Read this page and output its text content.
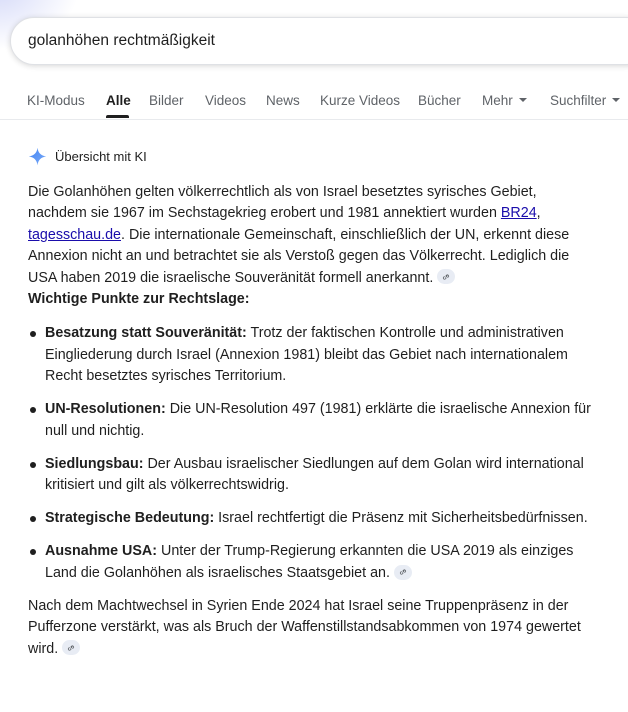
golanhöhen rechtmäßigkeit
KI-Modus Alle Bilder Videos News Kurze Videos Bücher Mehr	Suchfilter
Übersicht mit KI

Die Golanhöhen gelten völkerrechtlich als von Israel besetztes syrisches Gebiet, nachdem sie 1967 im Sechstagekrieg erobert und 1981 annektiert wurden BR24, tagesschau.de. Die internationale Gemeinschaft, einschließlich der UN, erkennt diese Annexion nicht an und betrachtet sie als Verstoß gegen das Völkerrecht. Lediglich die USA haben 2019 die israelische Souveränität formell anerkannt.

Wichtige Punkte zur Rechtslage:

Besatzung statt Souveränität: Trotz der faktischen Kontrolle und administrativen Eingliederung durch Israel (Annexion 1981) bleibt das Gebiet nach internationalem Recht besetztes syrisches Territorium.
UN-Resolutionen: Die UN-Resolution 497 (1981) erklärte die israelische Annexion für null und nichtig.
Siedlungsbau: Der Ausbau israelischer Siedlungen auf dem Golan wird international kritisiert und gilt als völkerrechtswidrig.
Strategische Bedeutung: Israel rechtfertigt die Präsenz mit Sicherheitsbedürfnissen.
Ausnahme USA: Unter der Trump-Regierung erkannten die USA 2019 als einziges Land die Golanhöhen als israelisches Staatsgebiet an.

Nach dem Machtwechsel in Syrien Ende 2024 hat Israel seine Truppenpräsenz in der Pufferzone verstärkt, was als Bruch der Waffenstillstandsabkommen von 1974 gewertet wird.
